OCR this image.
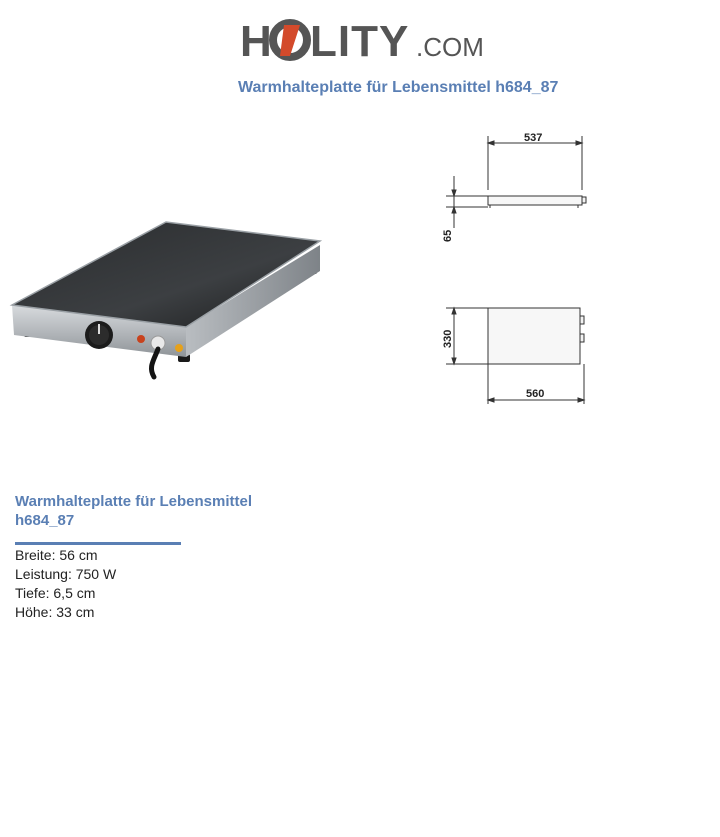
H LITY .COM
Warmhalteplatte für Lebensmittel h684_87
537
65
330
560
Warmhalteplatte für Lebensmittel h684_87
Breite: 56 cm
Leistung: 750 W
Tiefe: 6,5 cm
Höhe: 33 cm
